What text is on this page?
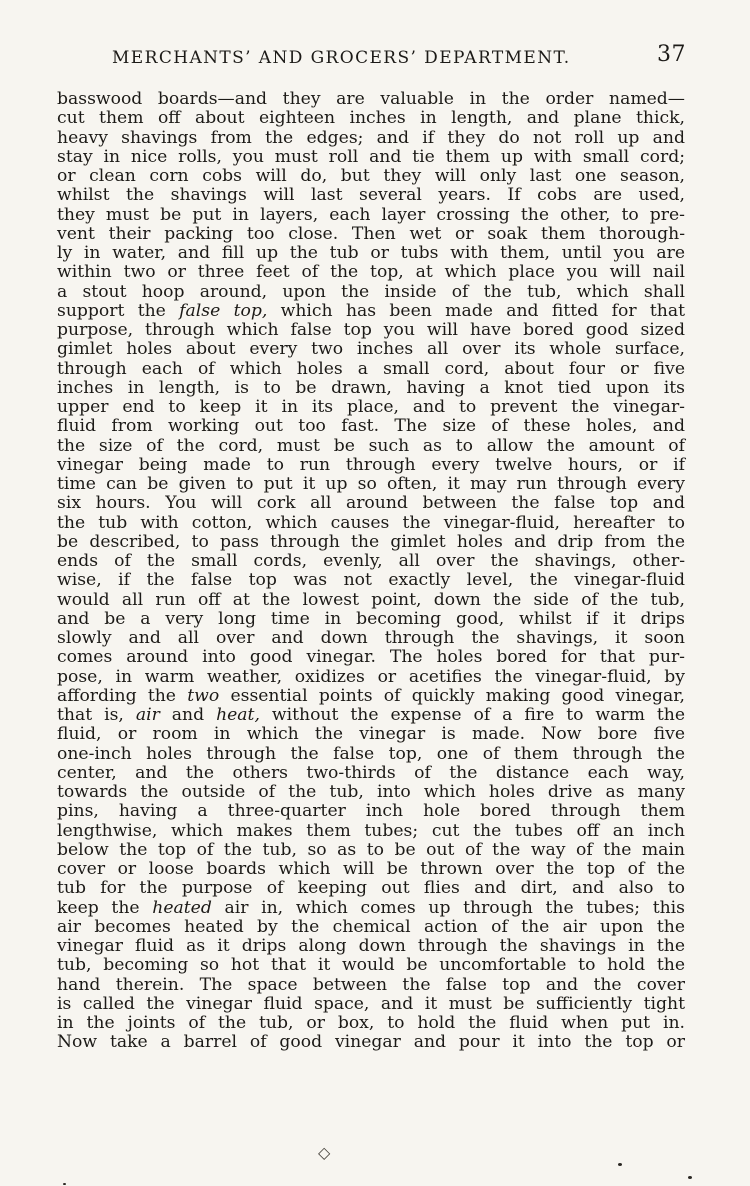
MERCHANTS’ AND GROCERS’ DEPARTMENT.	37
basswood boards—and they are valuable in the order named—
cut them off about eighteen inches in length, and plane thick,
heavy shavings from the edges; and if they do not roll up and
stay in nice rolls, you must roll and tie them up with small cord;
or clean corn cobs will do, but they will only last one season,
whilst the shavings will last several years. If cobs are used,
they must be put in layers, each layer crossing the other, to pre-
vent their packing too close. Then wet or soak them thorough-
ly in water, and fill up the tub or tubs with them, until you are
within two or three feet of the top, at which place you will nail
a stout hoop around, upon the inside of the tub, which shall
support the false top, which has been made and fitted for that
purpose, through which false top you will have bored good sized
gimlet holes about every two inches all over its whole surface,
through each of which holes a small cord, about four or five
inches in length, is to be drawn, having a knot tied upon its
upper end to keep it in its place, and to prevent the vinegar-
fluid from working out too fast. The size of these holes, and
the size of the cord, must be such as to allow the amount of
vinegar being made to run through every twelve hours, or if
time can be given to put it up so often, it may run through every
six hours. You will cork all around between the false top and
the tub with cotton, which causes the vinegar-fluid, hereafter to
be described, to pass through the gimlet holes and drip from the
ends of the small cords, evenly, all over the shavings, other-
wise, if the false top was not exactly level, the vinegar-fluid
would all run off at the lowest point, down the side of the tub,
and be a very long time in becoming good, whilst if it drips
slowly and all over and down through the shavings, it soon
comes around into good vinegar. The holes bored for that pur-
pose, in warm weather, oxidizes or acetifies the vinegar-fluid, by
affording the two essential points of quickly making good vinegar,
that is, air and heat, without the expense of a fire to warm the
fluid, or room in which the vinegar is made. Now bore five
one-inch holes through the false top, one of them through the
center, and the others two-thirds of the distance each way,
towards the outside of the tub, into which holes drive as many
pins, having a three-quarter inch hole bored through them
lengthwise, which makes them tubes; cut the tubes off an inch
below the top of the tub, so as to be out of the way of the main
cover or loose boards which will be thrown over the top of the
tub for the purpose of keeping out flies and dirt, and also to
keep the heated air in, which comes up through the tubes; this
air becomes heated by the chemical action of the air upon the
vinegar fluid as it drips along down through the shavings in the
tub, becoming so hot that it would be uncomfortable to hold the
hand therein. The space between the false top and the cover
is called the vinegar fluid space, and it must be sufficiently tight
in the joints of the tub, or box, to hold the fluid when put in.
Now take a barrel of good vinegar and pour it into the top or
◇
